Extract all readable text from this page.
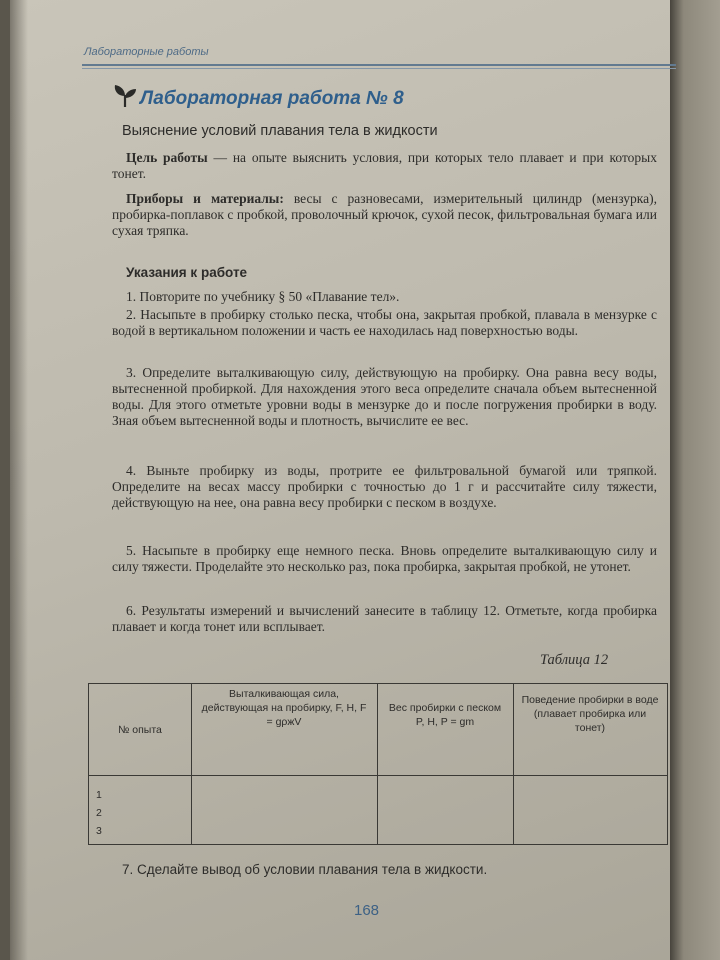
Лабораторные работы
Лабораторная работа № 8
Выяснение условий плавания тела в жидкости
Цель работы — на опыте выяснить условия, при которых тело плавает и при которых тонет.
Приборы и материалы: весы с разновесами, измерительный цилиндр (мензурка), пробирка-поплавок с пробкой, проволочный крючок, сухой песок, фильтровальная бумага или сухая тряпка.
Указания к работе
1. Повторите по учебнику § 50 «Плавание тел».
2. Насыпьте в пробирку столько песка, чтобы она, закрытая пробкой, плавала в мензурке с водой в вертикальном положении и часть ее находилась над поверхностью воды.
3. Определите выталкивающую силу, действующую на пробирку. Она равна весу воды, вытесненной пробиркой. Для нахождения этого веса определите сначала объем вытесненной воды. Для этого отметьте уровни воды в мензурке до и после погружения пробирки в воду. Зная объем вытесненной воды и плотность, вычислите ее вес.
4. Выньте пробирку из воды, протрите ее фильтровальной бумагой или тряпкой. Определите на весах массу пробирки с точностью до 1 г и рассчитайте силу тяжести, действующую на нее, она равна весу пробирки с песком в воздухе.
5. Насыпьте в пробирку еще немного песка. Вновь определите выталкивающую силу и силу тяжести. Проделайте это несколько раз, пока пробирка, закрытая пробкой, не утонет.
6. Результаты измерений и вычислений занесите в таблицу 12. Отметьте, когда пробирка плавает и когда тонет или всплывает.
Таблица 12
№ опыта
Выталкивающая сила, действующая на пробирку, F, Н, F = gρжV
Вес пробирки с песком P, Н, P = gm
Поведение пробирки в воде (плавает пробирка или тонет)
1
2
3
7. Сделайте вывод об условии плавания тела в жидкости.
168
